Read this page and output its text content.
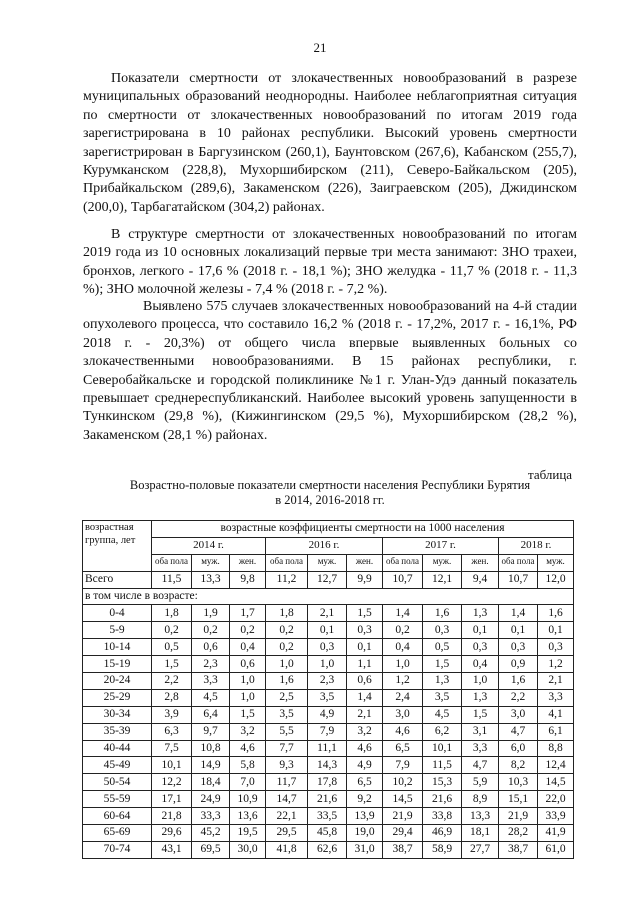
21

Показатели смертности от злокачественных новообразований в разрезе муниципальных образований неоднородны. Наиболее неблагоприятная ситуация по смертности от злокачественных новообразований по итогам 2019 года зарегистрирована в 10 районах республики. Высокий уровень смертности зарегистрирован в Баргузинском (260,1), Баунтовском (267,6), Кабанском (255,7), Курумканском (228,8), Мухоршибирском (211), Северо-Байкальском (205), Прибайкальском (289,6), Закаменском (226), Заиграевском (205), Джидинском (200,0), Тарбагатайском (304,2) районах.

В структуре смертности от злокачественных новообразований по итогам 2019 года из 10 основных локализаций первые три места занимают: ЗНО трахеи, бронхов, легкого - 17,6 % (2018 г. - 18,1 %); ЗНО желудка - 11,7 % (2018 г. - 11,3 %); ЗНО молочной железы - 7,4 % (2018 г. - 7,2 %).

Выявлено 575 случаев злокачественных новообразований на 4-й стадии опухолевого процесса, что составило 16,2 % (2018 г. - 17,2%, 2017 г. - 16,1%, РФ 2018 г. - 20,3%) от общего числа впервые выявленных больных со злокачественными новообразованиями. В 15 районах республики, г. Северобайкальске и городской поликлинике №1 г. Улан-Удэ данный показатель превышает среднереспубликанский. Наиболее высокий уровень запущенности в Тункинском (29,8 %), (Кижингинском (29,5 %), Мухоршибирском (28,2 %), Закаменском (28,1 %) районах.

таблица
Возрастно-половые показатели смертности населения Республики Бурятия
в 2014, 2016-2018 гг.
возрастная группа, лет	возрастные коэффициенты смертности на 1000 населения										
	2014 г.			2016 г.			2017 г.			2018 г.	
	оба пола	муж.	жен.	оба пола	муж.	жен.	оба пола	муж.	жен.	оба пола	муж.
Всего	11,5	13,3	9,8	11,2	12,7	9,9	10,7	12,1	9,4	10,7	12,0
в том числе в возрасте:											
0-4	1,8	1,9	1,7	1,8	2,1	1,5	1,4	1,6	1,3	1,4	1,6
5-9	0,2	0,2	0,2	0,2	0,1	0,3	0,2	0,3	0,1	0,1	0,1
10-14	0,5	0,6	0,4	0,2	0,3	0,1	0,4	0,5	0,3	0,3	0,3
15-19	1,5	2,3	0,6	1,0	1,0	1,1	1,0	1,5	0,4	0,9	1,2
20-24	2,2	3,3	1,0	1,6	2,3	0,6	1,2	1,3	1,0	1,6	2,1
25-29	2,8	4,5	1,0	2,5	3,5	1,4	2,4	3,5	1,3	2,2	3,3
30-34	3,9	6,4	1,5	3,5	4,9	2,1	3,0	4,5	1,5	3,0	4,1
35-39	6,3	9,7	3,2	5,5	7,9	3,2	4,6	6,2	3,1	4,7	6,1
40-44	7,5	10,8	4,6	7,7	11,1	4,6	6,5	10,1	3,3	6,0	8,8
45-49	10,1	14,9	5,8	9,3	14,3	4,9	7,9	11,5	4,7	8,2	12,4
50-54	12,2	18,4	7,0	11,7	17,8	6,5	10,2	15,3	5,9	10,3	14,5
55-59	17,1	24,9	10,9	14,7	21,6	9,2	14,5	21,6	8,9	15,1	22,0
60-64	21,8	33,3	13,6	22,1	33,5	13,9	21,9	33,8	13,3	21,9	33,9
65-69	29,6	45,2	19,5	29,5	45,8	19,0	29,4	46,9	18,1	28,2	41,9
70-74	43,1	69,5	30,0	41,8	62,6	31,0	38,7	58,9	27,7	38,7	61,0
